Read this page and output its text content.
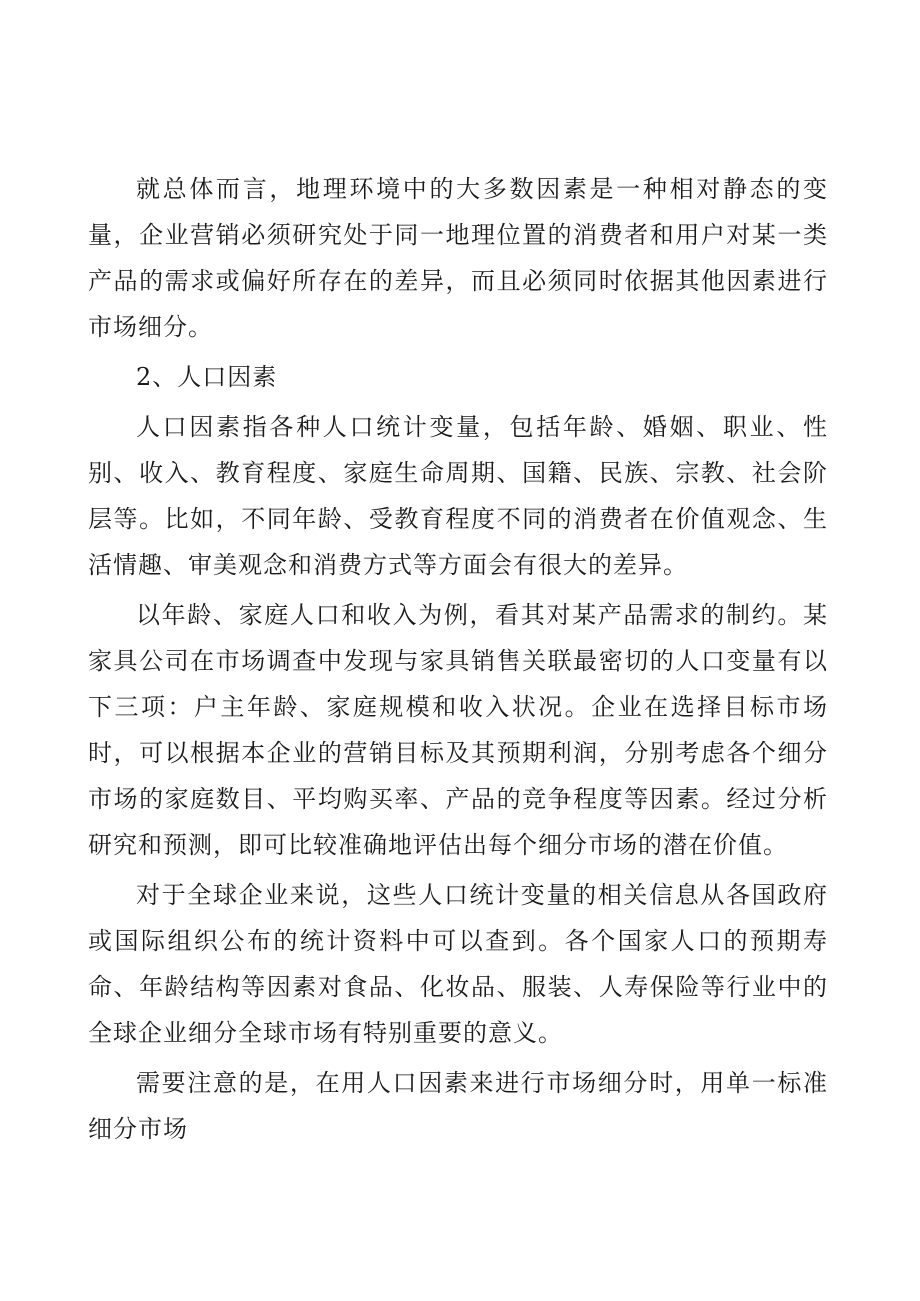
就总体而言，地理环境中的大多数因素是一种相对静态的变量，企业营销必须研究处于同一地理位置的消费者和用户对某一类产品的需求或偏好所存在的差异，而且必须同时依据其他因素进行市场细分。

2、人口因素

人口因素指各种人口统计变量，包括年龄、婚姻、职业、性别、收入、教育程度、家庭生命周期、国籍、民族、宗教、社会阶层等。比如，不同年龄、受教育程度不同的消费者在价值观念、生活情趣、审美观念和消费方式等方面会有很大的差异。

以年龄、家庭人口和收入为例，看其对某产品需求的制约。某家具公司在市场调查中发现与家具销售关联最密切的人口变量有以下三项：户主年龄、家庭规模和收入状况。企业在选择目标市场时，可以根据本企业的营销目标及其预期利润，分别考虑各个细分市场的家庭数目、平均购买率、产品的竞争程度等因素。经过分析研究和预测，即可比较准确地评估出每个细分市场的潜在价值。

对于全球企业来说，这些人口统计变量的相关信息从各国政府或国际组织公布的统计资料中可以查到。各个国家人口的预期寿命、年龄结构等因素对食品、化妆品、服装、人寿保险等行业中的全球企业细分全球市场有特别重要的意义。

需要注意的是，在用人口因素来进行市场细分时，用单一标准细分市场
